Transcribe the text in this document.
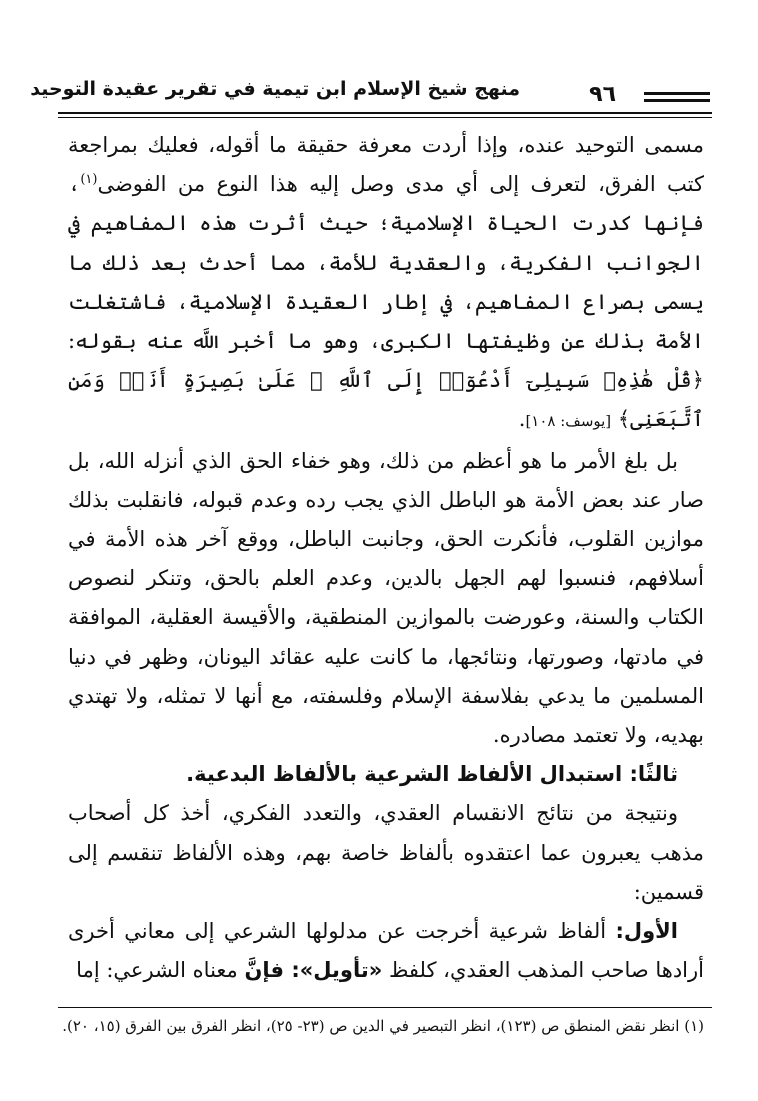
منهج شيخ الإسلام ابن تيمية في تقرير عقيدة التوحيد	٩٦

مسمى التوحيد عنده، وإذا أردت معرفة حقيقة ما أقوله، فعليك بمراجعة كتب الفرق، لتعرف إلى أي مدى وصل إليه هذا النوع من الفوضى$^{(١)}$، فإنها كدرت الحياة الإسلامية؛ حيث أثرت هذه المفاهيم في الجوانب الفكرية، والعقدية للأمة، مما أحدث بعد ذلك ما يسمى بصراع المفاهيم، في إطار العقيدة الإسلامية، فاشتغلت الأمة بذلك عن وظيفتها الكبرى، وهو ما أخبر اللَّه عنه بقوله: ﴿قُلْ هَٰذِهِۦ سَبِيلِىٓ أَدْعُوٓا۟ إِلَى ٱللَّهِ ۚ عَلَىٰ بَصِيرَةٍ أَنَا۠ وَمَنِ ٱتَّبَعَنِى﴾ [يوسف: ١٠٨].

بل بلغ الأمر ما هو أعظم من ذلك، وهو خفاء الحق الذي أنزله الله، بل صار عند بعض الأمة هو الباطل الذي يجب رده وعدم قبوله، فانقلبت بذلك موازين القلوب، فأنكرت الحق، وجانبت الباطل، ووقع آخر هذه الأمة في أسلافهم، فنسبوا لهم الجهل بالدين، وعدم العلم بالحق، وتنكر لنصوص الكتاب والسنة، وعورضت بالموازين المنطقية، والأقيسة العقلية، الموافقة في مادتها، وصورتها، ونتائجها، ما كانت عليه عقائد اليونان، وظهر في دنيا المسلمين ما يدعي بفلاسفة الإسلام وفلسفته، مع أنها لا تمثله، ولا تهتدي بهديه، ولا تعتمد مصادره.

ثالثًا: استبدال الألفاظ الشرعية بالألفاظ البدعية.

ونتيجة من نتائج الانقسام العقدي، والتعدد الفكري، أخذ كل أصحاب مذهب يعبرون عما اعتقدوه بألفاظ خاصة بهم، وهذه الألفاظ تنقسم إلى قسمين:

الأول: ألفاظ شرعية أخرجت عن مدلولها الشرعي إلى معاني أخرى أرادها صاحب المذهب العقدي، كلفظ «تأويل»: فإنَّ معناه الشرعي: إما

(١) انظر نقض المنطق ص (١٢٣)، انظر التبصير في الدين ص (٢٣- ٢٥)، انظر الفرق بين الفرق (١٥، ٢٠).
